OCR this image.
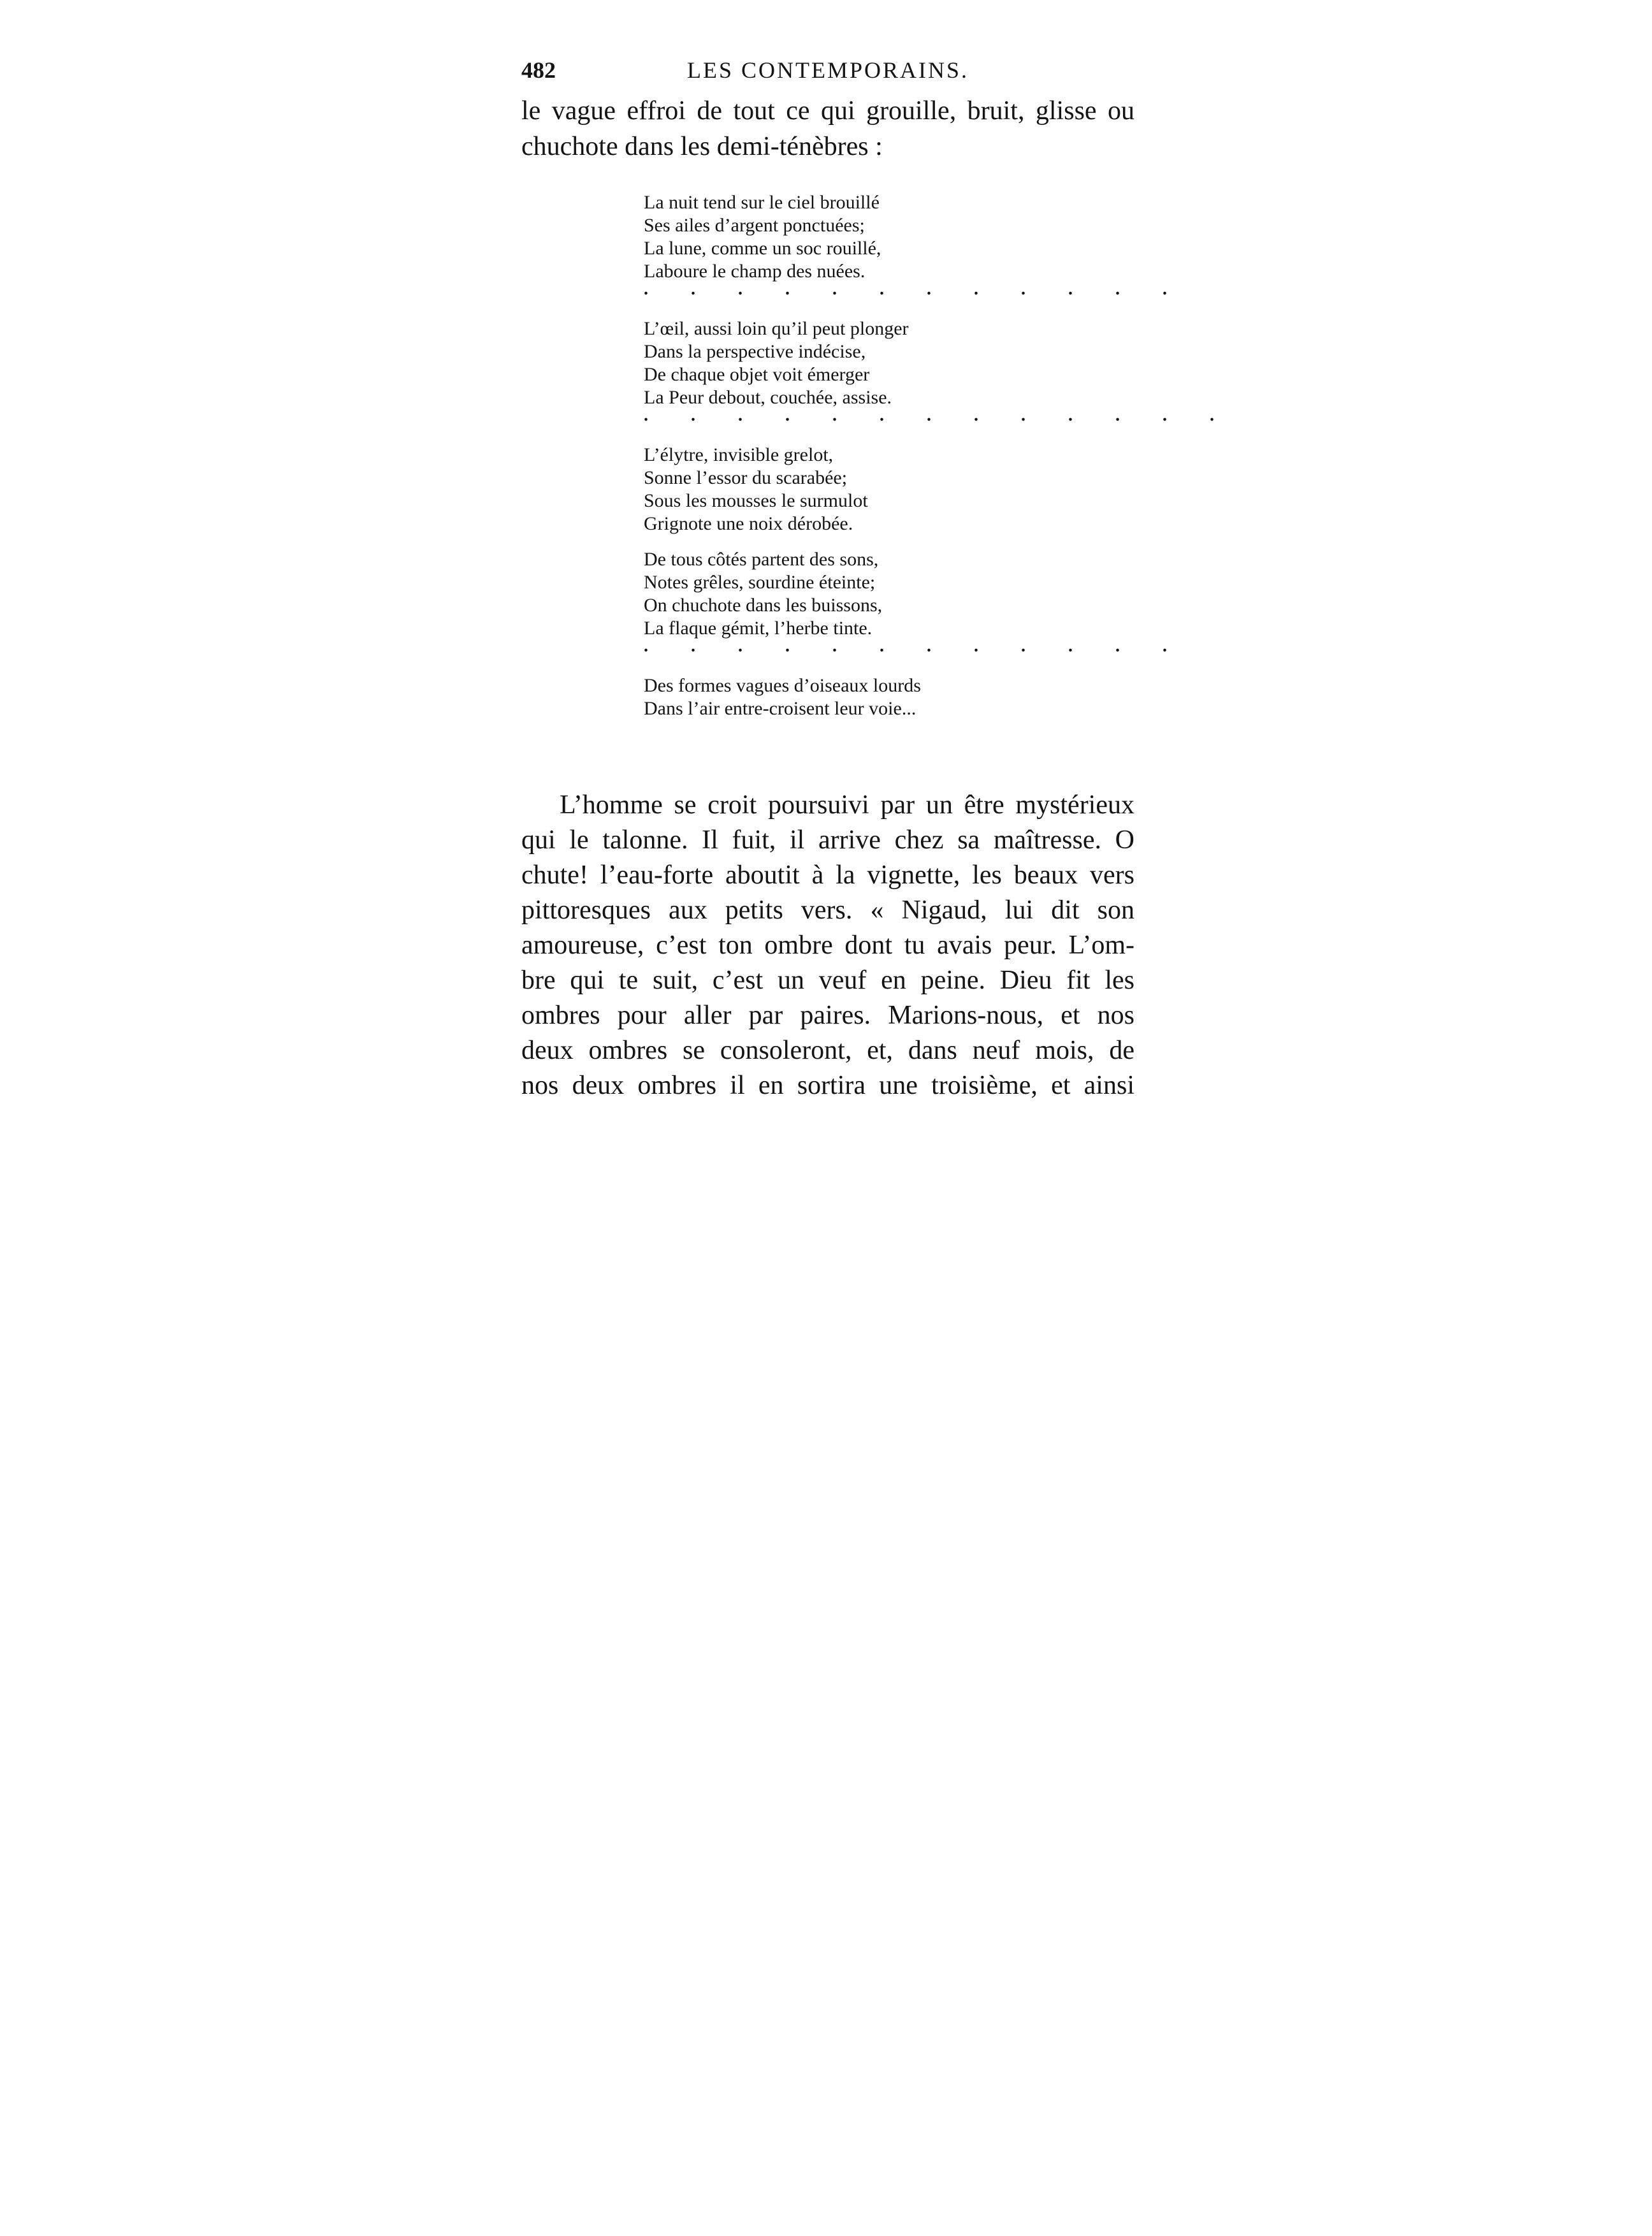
482	LES CONTEMPORAINS.
le vague effroi de tout ce qui grouille, bruit, glisse ou
chuchote dans les demi-ténèbres :
La nuit tend sur le ciel brouillé
Ses ailes d’argent ponctuées;
La lune, comme un soc rouillé,
Laboure le champ des nuées.
. . . . . . . . . . . .
L’œil, aussi loin qu’il peut plonger
Dans la perspective indécise,
De chaque objet voit émerger
La Peur debout, couchée, assise.
. . . . . . . . . . . . .
L’élytre, invisible grelot,
Sonne l’essor du scarabée;
Sous les mousses le surmulot
Grignote une noix dérobée.
De tous côtés partent des sons,
Notes grêles, sourdine éteinte;
On chuchote dans les buissons,
La flaque gémit, l’herbe tinte.
. . . . . . . . . . . .
Des formes vagues d’oiseaux lourds
Dans l’air entre-croisent leur voie...
L’homme se croit poursuivi par un être mystérieux
qui le talonne. Il fuit, il arrive chez sa maîtresse. O
chute! l’eau-forte aboutit à la vignette, les beaux vers
pittoresques aux petits vers. « Nigaud, lui dit son
amoureuse, c’est ton ombre dont tu avais peur. L’om-
bre qui te suit, c’est un veuf en peine. Dieu fit les
ombres pour aller par paires. Marions-nous, et nos
deux ombres se consoleront, et, dans neuf mois, de
nos deux ombres il en sortira une troisième, et ainsi
